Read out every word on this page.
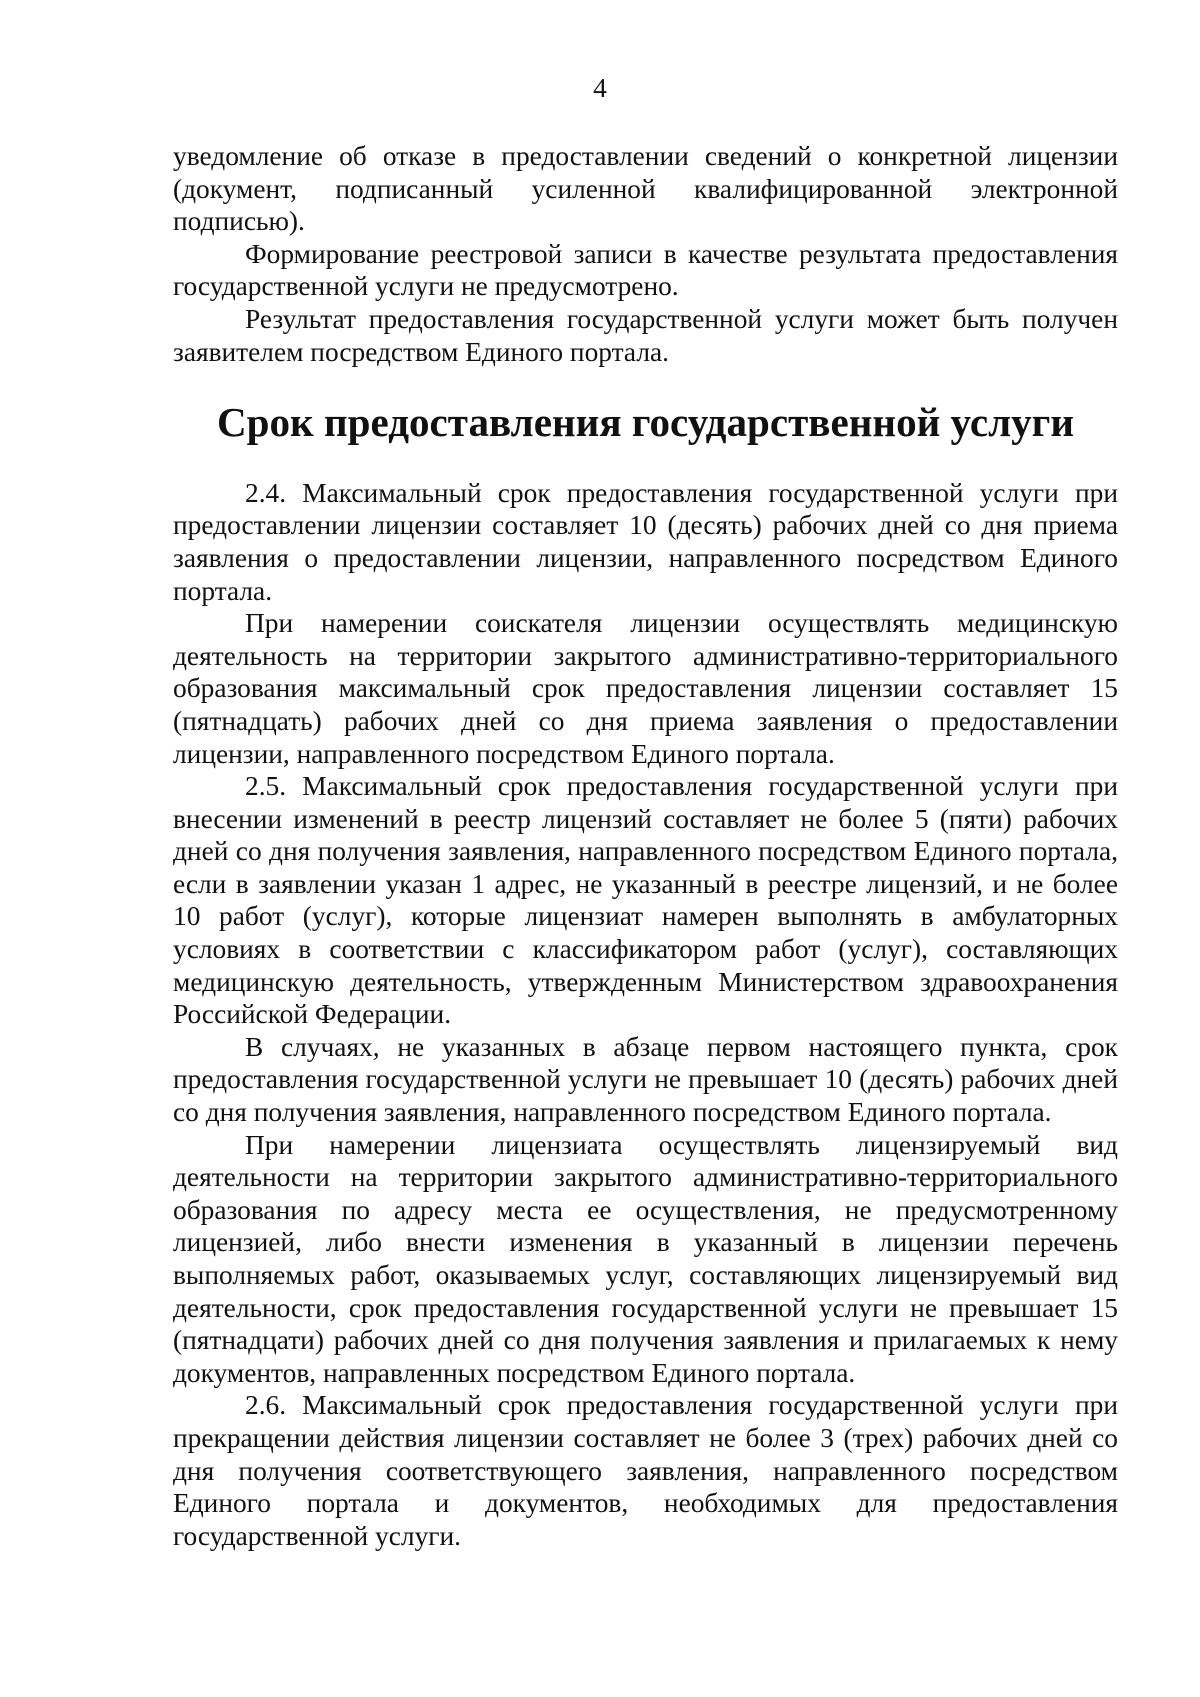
4

уведомление об отказе в предоставлении сведений о конкретной лицензии (документ, подписанный усиленной квалифицированной электронной подписью).

Формирование реестровой записи в качестве результата предоставления государственной услуги не предусмотрено.

Результат предоставления государственной услуги может быть получен заявителем посредством Единого портала.

Срок предоставления государственной услуги

2.4. Максимальный срок предоставления государственной услуги при предоставлении лицензии составляет 10 (десять) рабочих дней со дня приема заявления о предоставлении лицензии, направленного посредством Единого портала.

При намерении соискателя лицензии осуществлять медицинскую деятельность на территории закрытого административно-территориального образования максимальный срок предоставления лицензии составляет 15 (пятнадцать) рабочих дней со дня приема заявления о предоставлении лицензии, направленного посредством Единого портала.

2.5. Максимальный срок предоставления государственной услуги при внесении изменений в реестр лицензий составляет не более 5 (пяти) рабочих дней со дня получения заявления, направленного посредством Единого портала, если в заявлении указан 1 адрес, не указанный в реестре лицензий, и не более 10 работ (услуг), которые лицензиат намерен выполнять в амбулаторных условиях в соответствии с классификатором работ (услуг), составляющих медицинскую деятельность, утвержденным Министерством здравоохранения Российской Федерации.

В случаях, не указанных в абзаце первом настоящего пункта, срок предоставления государственной услуги не превышает 10 (десять) рабочих дней со дня получения заявления, направленного посредством Единого портала.

При намерении лицензиата осуществлять лицензируемый вид деятельности на территории закрытого административно-территориального образования по адресу места ее осуществления, не предусмотренному лицензией, либо внести изменения в указанный в лицензии перечень выполняемых работ, оказываемых услуг, составляющих лицензируемый вид деятельности, срок предоставления государственной услуги не превышает 15 (пятнадцати) рабочих дней со дня получения заявления и прилагаемых к нему документов, направленных посредством Единого портала.

2.6. Максимальный срок предоставления государственной услуги при прекращении действия лицензии составляет не более 3 (трех) рабочих дней со дня получения соответствующего заявления, направленного посредством Единого портала и документов, необходимых для предоставления государственной услуги.
